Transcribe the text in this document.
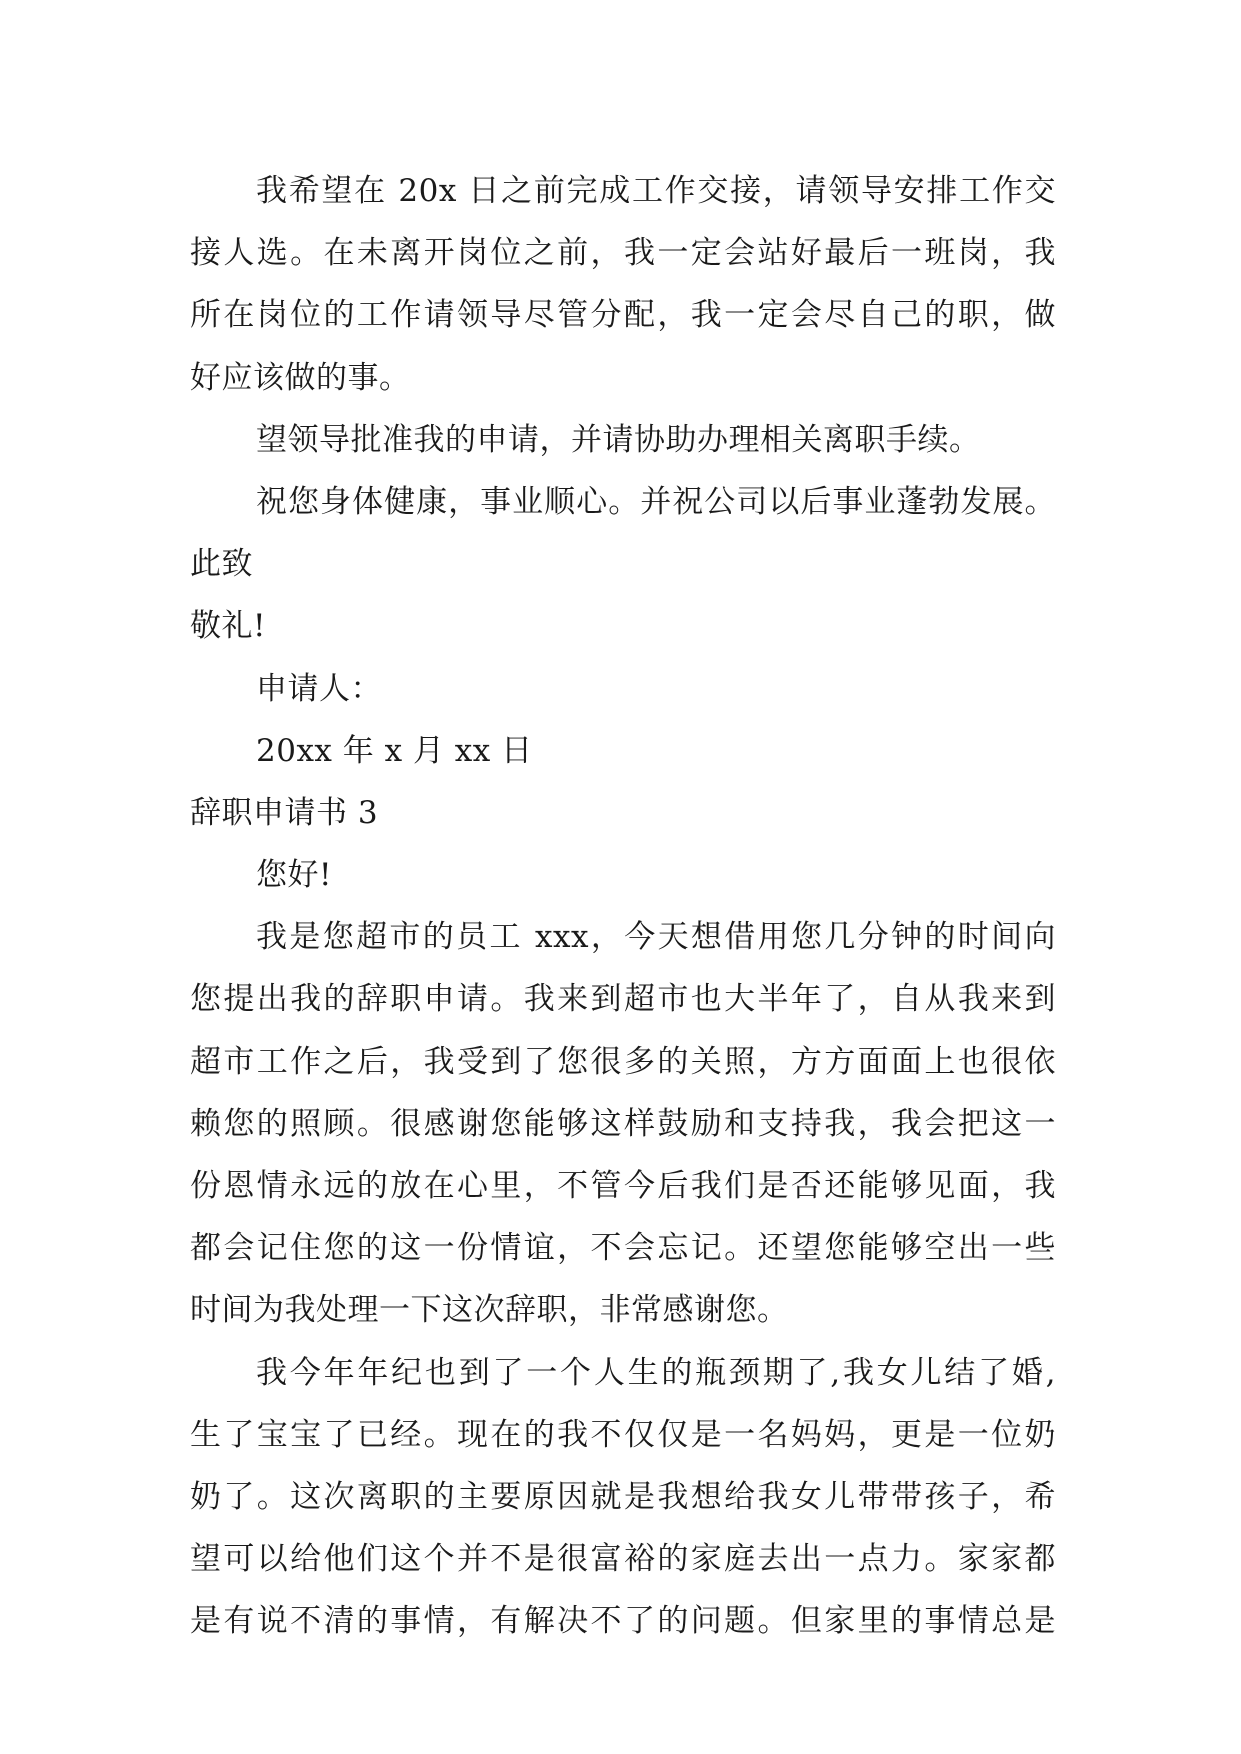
我希望在 20x 日之前完成工作交接，请领导安排工作交
接人选。在未离开岗位之前，我一定会站好最后一班岗，我
所在岗位的工作请领导尽管分配，我一定会尽自己的职，做
好应该做的事。
望领导批准我的申请，并请协助办理相关离职手续。
祝您身体健康，事业顺心。并祝公司以后事业蓬勃发展。
此致
敬礼!
申请人：
20xx 年 x 月 xx 日
辞职申请书 3
您好!
我是您超市的员工 xxx，今天想借用您几分钟的时间向
您提出我的辞职申请。我来到超市也大半年了，自从我来到
超市工作之后，我受到了您很多的关照，方方面面上也很依
赖您的照顾。很感谢您能够这样鼓励和支持我，我会把这一
份恩情永远的放在心里，不管今后我们是否还能够见面，我
都会记住您的这一份情谊，不会忘记。还望您能够空出一些
时间为我处理一下这次辞职，非常感谢您。
我今年年纪也到了一个人生的瓶颈期了,我女儿结了婚,
生了宝宝了已经。现在的我不仅仅是一名妈妈，更是一位奶
奶了。这次离职的主要原因就是我想给我女儿带带孩子，希
望可以给他们这个并不是很富裕的家庭去出一点力。家家都
是有说不清的事情，有解决不了的问题。但家里的事情总是
